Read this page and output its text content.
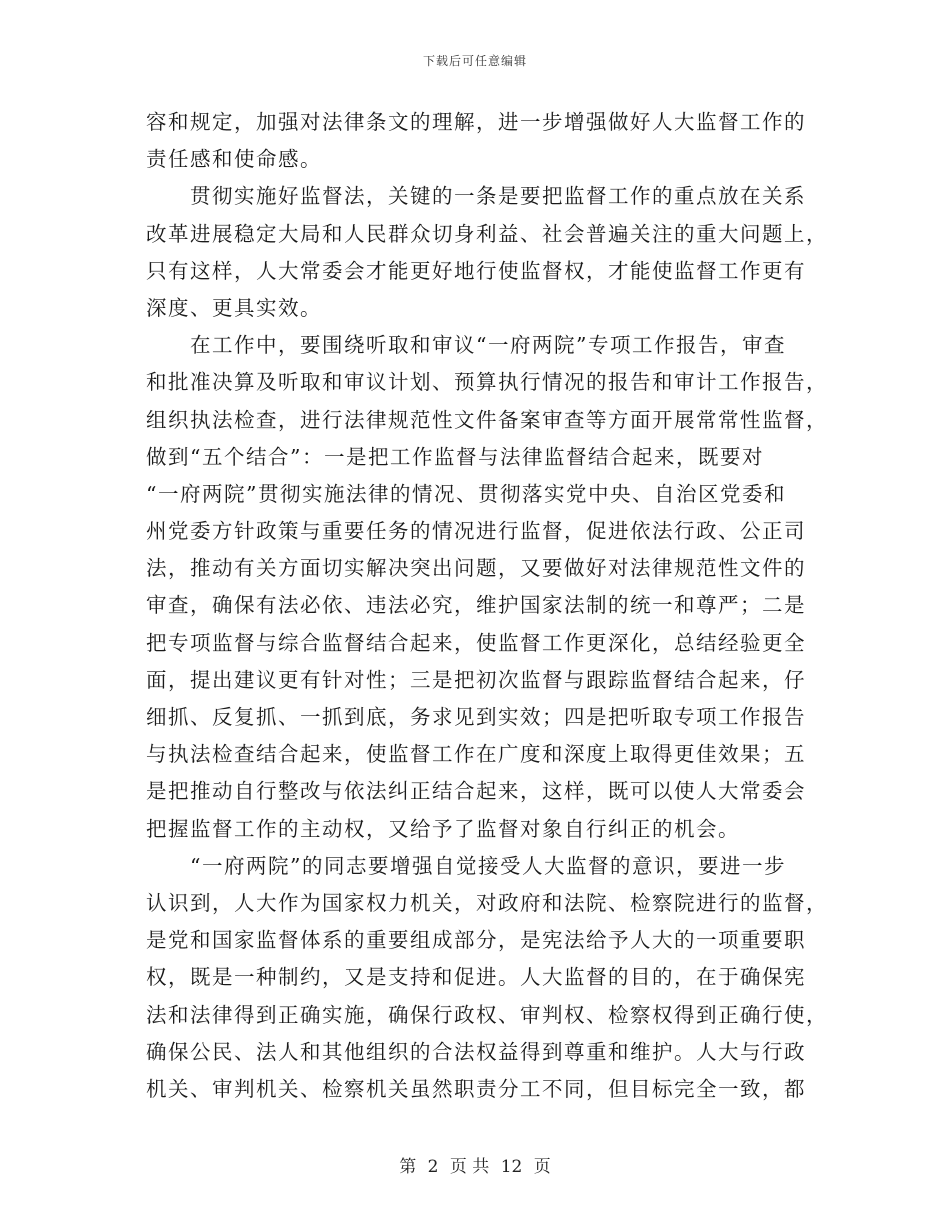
下载后可任意编辑
容和规定，加强对法律条文的理解，进一步增强做好人大监督工作的
责任感和使命感。
　　贯彻实施好监督法，关键的一条是要把监督工作的重点放在关系
改革进展稳定大局和人民群众切身利益、社会普遍关注的重大问题上，
只有这样，人大常委会才能更好地行使监督权，才能使监督工作更有
深度、更具实效。
　　在工作中，要围绕听取和审议“一府两院”专项工作报告，审查
和批准决算及听取和审议计划、预算执行情况的报告和审计工作报告，
组织执法检查，进行法律规范性文件备案审查等方面开展常常性监督，
做到“五个结合”：一是把工作监督与法律监督结合起来，既要对
“一府两院”贯彻实施法律的情况、贯彻落实党中央、自治区党委和
州党委方针政策与重要任务的情况进行监督，促进依法行政、公正司
法，推动有关方面切实解决突出问题，又要做好对法律规范性文件的
审查，确保有法必依、违法必究，维护国家法制的统一和尊严；二是
把专项监督与综合监督结合起来，使监督工作更深化，总结经验更全
面，提出建议更有针对性；三是把初次监督与跟踪监督结合起来，仔
细抓、反复抓、一抓到底，务求见到实效；四是把听取专项工作报告
与执法检查结合起来，使监督工作在广度和深度上取得更佳效果；五
是把推动自行整改与依法纠正结合起来，这样，既可以使人大常委会
把握监督工作的主动权，又给予了监督对象自行纠正的机会。
　　“一府两院”的同志要增强自觉接受人大监督的意识，要进一步
认识到，人大作为国家权力机关，对政府和法院、检察院进行的监督，
是党和国家监督体系的重要组成部分，是宪法给予人大的一项重要职
权，既是一种制约，又是支持和促进。人大监督的目的，在于确保宪
法和法律得到正确实施，确保行政权、审判权、检察权得到正确行使，
确保公民、法人和其他组织的合法权益得到尊重和维护。人大与行政
机关、审判机关、检察机关虽然职责分工不同，但目标完全一致，都
第 2 页 共 12 页
